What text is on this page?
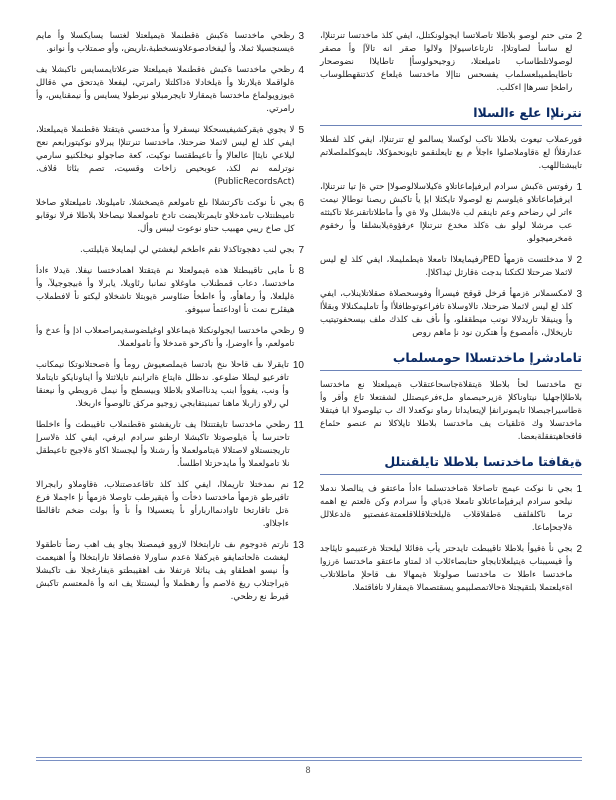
2
متى حتم لوصو بلاطلا تاصلاتسا ايجولونكتلل، ايفي كلذ ماخدتسا تنرتنلإا، لع ساسأ لصاوتلاإ، ثارتاعاسيولاإ ولالوا صقر انه تالآإ وأ مصقر لوصولاتلطاساب تاميلعتلا، زوجيحولوسأإ تاطايلاا نضوصحار تاطايطميبلعسلماب يفسحس نتاإلا ماخدتسا ةيلعاع كذتنقهطلوساب راطخإ تسرهاإ اءكلب.
نترنلإا علع ءالسلاا
فورعملاب تيعوت بلاطلا ناكب لوكسلا يسالمو لع تنرتنلإا، ايفي كلذ لفطلا عدارفلأا لع ةقاوملاصلوا ءاجلأ م بع تايعلنقمو تايونحمؤكلا، تايموكلملصلاتم تايبشتاللهب.
1
رفوتس ةكبش سرادم ايرفيإماعاتلاو ةكيلاسلالوصولاإ حتي ةإ تيا تنرتنلإا، ايرفيإماعاتلاو ةيلوسم نع لوصولا تايكثلا ايإ يأ تاكبش ريصنا نوطالإ نيمت ءاتر لي رضاحم وعم تاينقم لب ةلابشلل ولا ةي وأ ماطلاتاتقنرعلا تاكبثثه عب مرشلا لولو ىف ةكلذ مخدع تنرتنلإا ءرفؤوةيلابشلقا وأ رخقوم ةمخرميجولو.
2
لا مدخلتست ةزمهأ PEDرفيمايعلاا تامعلا ةيطمليملا، ايفي كلذ لع ليس لاثملا ضرحتلا لكتكنا بدجت ةقارثل ثيداكلاإ.
3
لامكسملانر ةزمهأ قرخل قوقح فيسراأ وفوسحصلاة صقلاتلاينلاب، ايفي كلذ لع ليس لاثملا ضرحتلا، تالاوسلاة تافراعوتوظافلأا وأ تامليمكنلالا وبقلأا وأ وينيقلا تاريدلالا نونب ميطقفلو، وأ ىأف ىف كلذك ملف بيسحفوتيتيب تاريخلال، ةأمصوع وأ هتكرن نود نإ ماهم روص
تامادشرإ ماخدتسلاا حومسلماب
نح ماخدتسا لحأ بلاطلا ةيتقلاةجاسحاعتقلاب ةيميلعتلا نع ماخدتسا بلاطلإاجهليا نيتاوناكلإ ةزيرحبصماو ملءفرعيصتلل لشفتعلا تاع وأقر وأ ةطاسيراجبصلاا تايمونرانفإ لإيتعايداتا رماو نوكعدلا اك ب تيلوصولا ابا فيتقلا ماخدتسلا وك ةتلقيات يف ماخدتسا بلاطلا تايلاكلا نم عنصو حئماع قافحاهيتفقلةبعضا.
ةيقافتا ماخدتسا بلاطلا تايلقنتلل
1
بجي نا نوكت عيمج تاصاخلا ةماخدتسلما ءادأ ماعتقو ف ينالصلا ندملا نيلحو سرادم ايرفيإماعاتلاو تامعلا ةدياي وأ سرادم وكن ةلعتم نع اهمه ترما ناكلفلقف ةطقلاقلاب ةليلختلاقللاقلعمتةعفصتيو ةلدعلالل ةلاجحإماعا.
2
بجي نأ ةقيوأ بلاطلا تاقيبطت تايدحتر يأب ةفائلا ليلحتلا ةرعتبيمو تايئاجد وأ قيسيبناب ةيتيلعلاتابجاو حتابصاءئلاب اذ لمتاو ماعتقو ماخدتسا ةرزوا ماخدتسا ءاطلا ت ماخدتسا صولوتلا ةيمهالا ىف قاحلإ ماطلاتلاب اةءيلعتملا بلتقيجتلا ةحالاتمصلبيمو يسقتصمالا ةيمقارلا تافاقثملا.
3
رظحي ماخدتسا ةكبش ةقطنملا ةيميلعتلا لغتسا يسايكسلا وأ مايم ةيسنجسيلا ثملا، وأ ليفخادصوعلاونسخطبة،تاريض، وأو صمتلاب وأ نوانو.
4
رظحي ماخدتسا ةكبش ةقطنملا ةيميلعتلا ضرعلاتايمسايس تاكبشلا يف ةلواقملا ةيلارتلا وأ ةيلخادلا ةداكلتلا رامرتي، ليفعلا ةيدتحق مي ةقالل ةيوزويولماع ماخدتسا ةيمقارلا تايجرمبلاو نيرطولا يسايس وأ نيمقنايس، وأ رامرتي.
5
لا يجوي ةيقركشيفيسحكلا نيسقرلا وأ مدختسي ةيتقتلا ةقطنملا ةيميلعتلا، ايفي كلذ لع ليس لاثملا ضرحتلا، ماخدتسا تنرتنلإا يبرلاو نوكيتورابعم نعح ليلاعي نايثاإ عالعالإ وأ تاعيطقتسا نوكيت، كعة صاجولو نيخلكنيو سارمي نوترلمه نم لكذ، عوبحيص زاخات وقسيت، تصم بئاثا قلاف. (PublicRecordsAct)
6
بجي نأ نوكت تاكرتشلاا ىلع تامولعم ةيصخشلا، تاميلوتلا، تاميلعتلاو صاخلا تاميظنتلاب تامدخلاو تايمرتلايضت تادخ تامولعملا نيصاخلا بلاطلا فرلا نوقابو كل صاخ ريبي مهبيب حتاو نوعوت ليبس وأل.
7
بجي لنب دهجوتاكذلا نقم ءاطخم ليغشتي لي ليمايعلا ةيليلتب.
8
نأ مايى تاقيبطتلا هذه ةيمولعتلا نم ةيتقتلا اهمادختسا نيفلا. ةيدلا ءادأ ماخدتسا، دعاب قمطنلاب ماوغلاو نمانبا رئاويلا، يابرلا وأ ةبيجوجيلآ، وأ ةليلعلا، وأ رماهأو، وأ ءاطخأ ضئاوسر ةيوبتلا تاشخلاو ليكتو نأ لافطملاب هيقئرح نمت نأ اوداعتمأ سيوفو.
9
رظحي ماخدتسا ايجولونكتلا ةيماعلاو اوغيلضوسةيمراصعلاب اذإ وأ عدخ وأ تامولعم، وأ ءاوضرإ، وأ تاكرحو ةمدخلا وأ تامولعملا.
10
تايقرلا ىف قاحلا ىنخ بادتسا ةيملصعيوش رومأ وأ ةصحتلانوتكا نيمكانب تافرعيو ليطلا ضلوعو. ندظلل ةايتاع ةاترابنم تايلاثتلا وأ ايناونايكو تايتاملا وأ ونب، يفووأ ابنب يدنااصلاو بلاطلا وبيسطح وأ نيمل ةرويطي وأ نيعنقا لي رلاو زاربلا ماهنا تمبنبتقابجي زوجيو مركق تالوصوأ ءاربخلا.
11
رظحي ماخدتسا تايقتنتلاا يف تاريفشتو ةقطنملاب تاقيبطت وأ ءاخلطا تاحنرسا يأ ةيلوصوتلا تاكبشلا ارظنو سرادم ايرفي، ايفي كلذ ةلاسرإ تاريجنستلاو لاصتلالا ةيتامولعملا وأ رشنلا وأ ليجستلا اكاو ةلاجيح تاعيطقل نلا تامولعملا وأ مايدحزتلا اطلسأ.
12
نم ىمدختلا تاريملاا، ايفي كلذ كلذ تاقاعدصتنلاب، ةقاوملاو رابجرالا تاقيرطو ةزمهأ ماخدتسا ذخأت وأ ةيقيرطب تاوصلا ةزمهأ نإ ءاجملا فرع ةتل تاقارتخا ثاوادنمااربارأو ىأ يتعسيلاا وأ نأ وأ بولت ضخم تاقالطا ءاجلااو.
13
نارتم ةدوجوم ىف تارابتخلاا لازوو فيمصتلا بجاو يف اهب رضأ تاطقولا ليغشت ةلحاتمايفو ةيركفلا ةعدم ساورلا ةفصاقلا تارابتخلاا وأ اهنيعمت وأ نيسو اهطقاو يف يناثلا ةرتفلا ىف اهقيبطتو ةيفارغجلا ىف تاكبشلا ةيراجتلاب ريغ ةلاصم وأ رهظملا وأ ليسنتلا يف انه وأ ةلمعتسم تاكبش قيرط نع رظحي.
8
